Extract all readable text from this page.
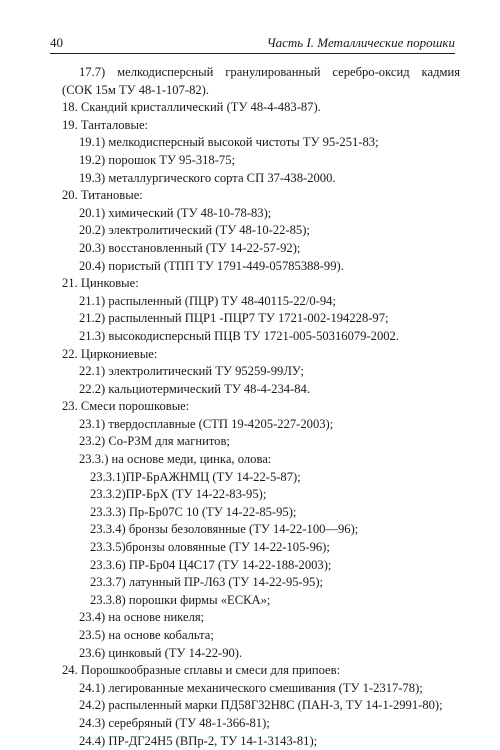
40	Часть I. Металлические порошки
17.7) мелкодисперсный гранулированный серебро-оксид кадмия
(СОК 15м ТУ 48-1-107-82).
18. Скандий кристаллический (ТУ 48-4-483-87).
19. Танталовые:
19.1) мелкодисперсный высокой чистоты ТУ 95-251-83;
19.2) порошок ТУ 95-318-75;
19.3) металлургического сорта СП 37-438-2000.
20. Титановые:
20.1) химический (ТУ 48-10-78-83);
20.2) электролитический (ТУ 48-10-22-85);
20.3) восстановленный (ТУ 14-22-57-92);
20.4) пористый (ТПП ТУ 1791-449-05785388-99).
21. Цинковые:
21.1) распыленный (ПЦР) ТУ 48-40115-22/0-94;
21.2) распыленный ПЦР1 -ПЦР7 ТУ 1721-002-194228-97;
21.3) высокодисперсный ПЦВ ТУ 1721-005-50316079-2002.
22. Циркониевые:
22.1) электролитический ТУ 95259-99ЛУ;
22.2) кальциотермический ТУ 48-4-234-84.
23. Смеси порошковые:
23.1) твердосплавные (СТП 19-4205-227-2003);
23.2) Со-РЗМ для магнитов;
23.3.) на основе меди, цинка, олова:
23.3.1)ПР-БрАЖНМЦ (ТУ 14-22-5-87);
23.3.2)ПР-БрХ (ТУ 14-22-83-95);
23.3.3) Пр-Бр07С 10 (ТУ 14-22-85-95);
23.3.4) бронзы безоловянные (ТУ 14-22-100—96);
23.3.5)бронзы оловянные (ТУ 14-22-105-96);
23.3.6) ПР-Бр04 Ц4С17 (ТУ 14-22-188-2003);
23.3.7) латунный ПР-Л63 (ТУ 14-22-95-95);
23.3.8) порошки фирмы «ЕСКА»;
23.4) на основе никеля;
23.5) на основе кобальта;
23.6) цинковый (ТУ 14-22-90).
24. Порошкообразные сплавы и смеси для припоев:
24.1) легированные механического смешивания (ТУ 1-2317-78);
24.2) распыленный марки ПД58Г32Н8С (ПАН-3, ТУ 14-1-2991-80);
24.3) серебряный (ТУ 48-1-366-81);
24.4) ПР-ДГ24Н5 (ВПр-2, ТУ 14-1-3143-81);
